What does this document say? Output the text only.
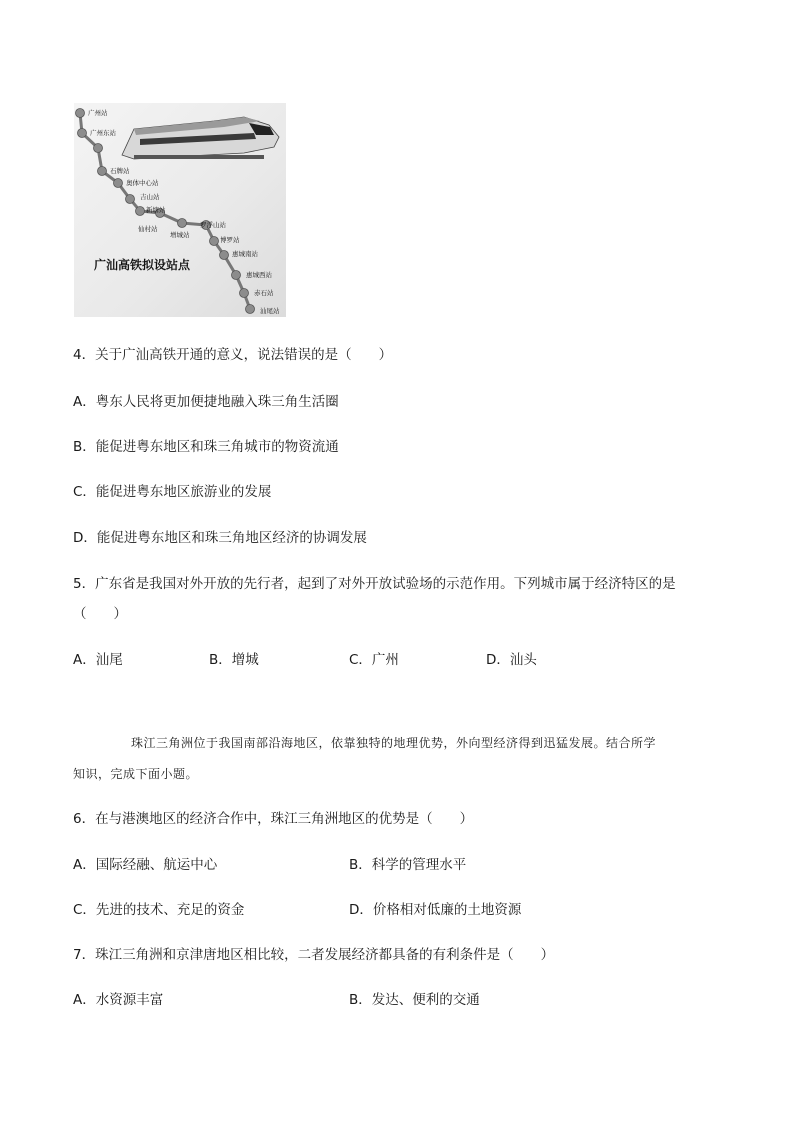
广州站
广州东站
石牌站
奥体中心站
吉山站
新塘站
仙村站
增城站
罗浮山站
博罗站
惠城南站
惠城西站
赤石站
汕尾站
广汕高铁拟设站点
4．关于广汕高铁开通的意义，说法错误的是（　　）
A．粤东人民将更加便捷地融入珠三角生活圈
B．能促进粤东地区和珠三角城市的物资流通
C．能促进粤东地区旅游业的发展
D．能促进粤东地区和珠三角地区经济的协调发展
5．广东省是我国对外开放的先行者，起到了对外开放试验场的示范作用。下列城市属于经济特区的是
（　　）
A．汕尾	B．增城	C．广州	D．汕头
珠江三角洲位于我国南部沿海地区，依靠独特的地理优势，外向型经济得到迅猛发展。结合所学
知识，完成下面小题。
6．在与港澳地区的经济合作中，珠江三角洲地区的优势是（　　）
A．国际经融、航运中心	B．科学的管理水平
C．先进的技术、充足的资金	D．价格相对低廉的土地资源
7．珠江三角洲和京津唐地区相比较，二者发展经济都具备的有利条件是（　　）
A．水资源丰富	B．发达、便利的交通
